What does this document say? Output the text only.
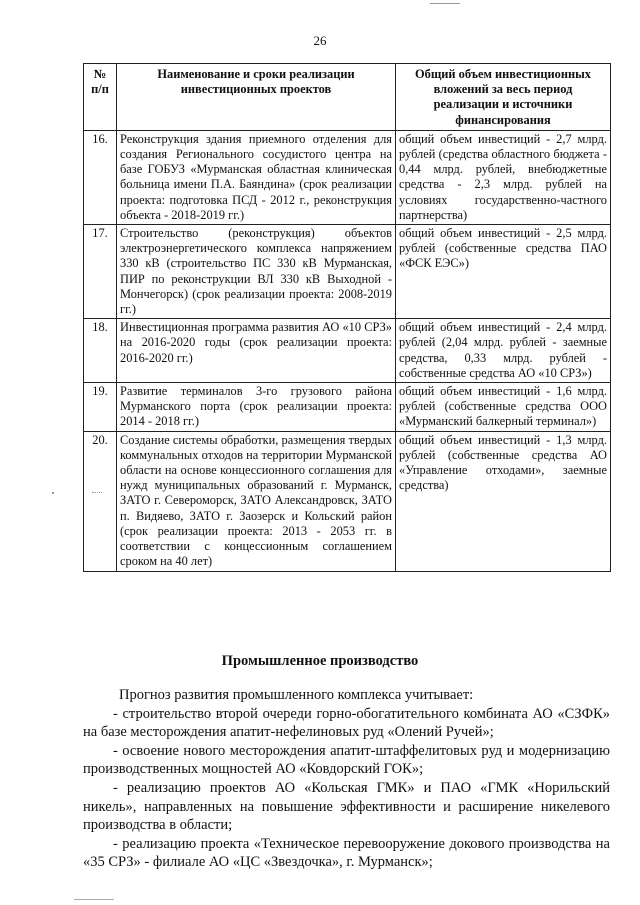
26
№ п/п	Наименование и сроки реализации инвестиционных проектов	Общий объем инвестиционных вложений за весь период реализации и источники финансирования
16.	Реконструкция здания приемного отделения для создания Регионального сосудистого центра на базе ГОБУЗ «Мурманская областная клиническая больница имени П.А. Баяндина» (срок реализации проекта: подготовка ПСД - 2012 г., реконструкция объекта - 2018-2019 гг.)	общий объем инвестиций - 2,7 млрд. рублей (средства областного бюджета - 0,44 млрд. рублей, внебюджетные средства - 2,3 млрд. рублей на условиях государственно-частного партнерства)
17.	Строительство (реконструкция) объектов электроэнергетического комплекса напряжением 330 кВ (строительство ПС 330 кВ Мурманская, ПИР по реконструкции ВЛ 330 кВ Выходной - Мончегорск) (срок реализации проекта: 2008-2019 гг.)	общий объем инвестиций - 2,5 млрд. рублей (собственные средства ПАО «ФСК ЕЭС»)
18.	Инвестиционная программа развития АО «10 СРЗ» на 2016-2020 годы (срок реализации проекта: 2016-2020 гг.)	общий объем инвестиций - 2,4 млрд. рублей (2,04 млрд. рублей - заемные средства, 0,33 млрд. рублей - собственные средства АО «10 СРЗ»)
19.	Развитие терминалов 3-го грузового района Мурманского порта (срок реализации проекта: 2014 - 2018 гг.)	общий объем инвестиций - 1,6 млрд. рублей (собственные средства ООО «Мурманский балкерный терминал»)
20.	Создание системы обработки, размещения твердых коммунальных отходов на территории Мурманской области на основе концессионного соглашения для нужд муниципальных образований г. Мурманск, ЗАТО г. Североморск, ЗАТО Александровск, ЗАТО п. Видяево, ЗАТО г. Заозерск и Кольский район (срок реализации проекта: 2013 - 2053 гг. в соответствии с концессионным соглашением сроком на 40 лет)	общий объем инвестиций - 1,3 млрд. рублей (собственные средства АО «Управление отходами», заемные средства)
Промышленное производство

Прогноз развития промышленного комплекса учитывает:

- строительство второй очереди горно-обогатительного комбината АО «СЗФК» на базе месторождения апатит-нефелиновых руд «Олений Ручей»;

- освоение нового месторождения апатит-штаффелитовых руд и модернизацию производственных мощностей АО «Ковдорский ГОК»;

- реализацию проектов АО «Кольская ГМК» и ПАО «ГМК «Норильский никель», направленных на повышение эффективности и расширение никелевого производства в области;

- реализацию проекта «Техническое перевооружение докового производства на «35 СРЗ» - филиале АО «ЦС «Звездочка», г. Мурманск»;
